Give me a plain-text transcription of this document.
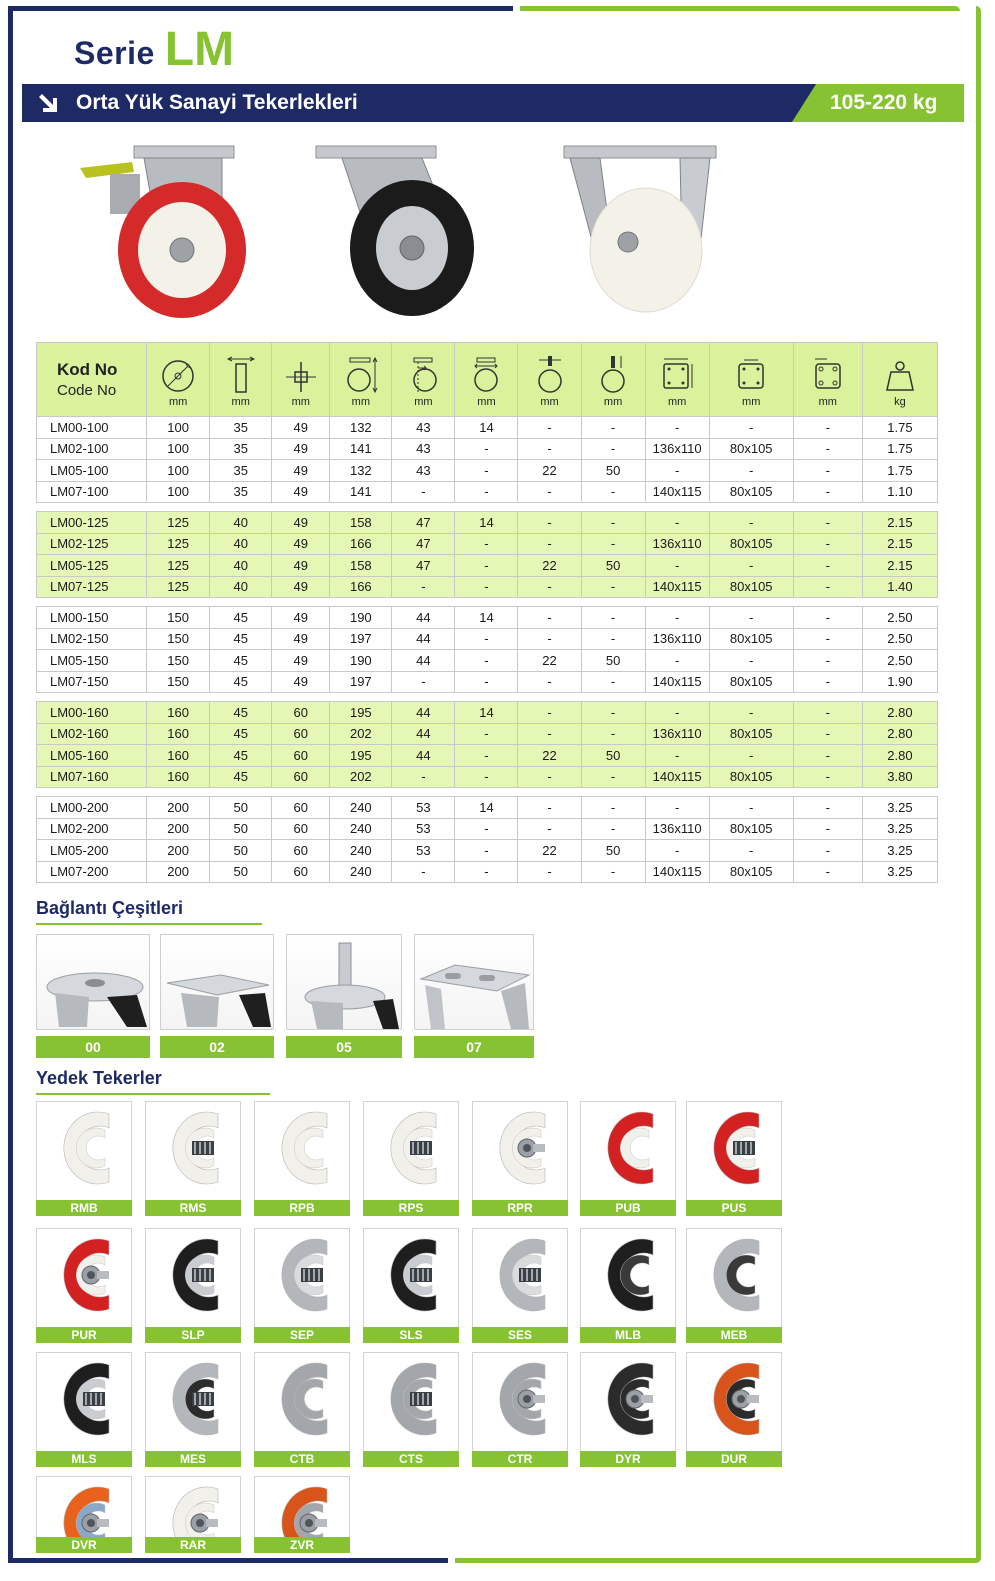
Serie LM
Orta Yük Sanayi Tekerlekleri	105-220 kg
Kod No
Code No	mm	mm	mm	mm	mm	mm	mm	mm	mm	mm	mm	kg
LM00-100	100	35	49	132	43	14	-	-	-	-	-	1.75
LM02-100	100	35	49	141	43	-	-	-	136x110	80x105	-	1.75
LM05-100	100	35	49	132	43	-	22	50	-	-	-	1.75
LM07-100	100	35	49	141	-	-	-	-	140x115	80x105	-	1.10

LM00-125	125	40	49	158	47	14	-	-	-	-	-	2.15
LM02-125	125	40	49	166	47	-	-	-	136x110	80x105	-	2.15
LM05-125	125	40	49	158	47	-	22	50	-	-	-	2.15
LM07-125	125	40	49	166	-	-	-	-	140x115	80x105	-	1.40

LM00-150	150	45	49	190	44	14	-	-	-	-	-	2.50
LM02-150	150	45	49	197	44	-	-	-	136x110	80x105	-	2.50
LM05-150	150	45	49	190	44	-	22	50	-	-	-	2.50
LM07-150	150	45	49	197	-	-	-	-	140x115	80x105	-	1.90

LM00-160	160	45	60	195	44	14	-	-	-	-	-	2.80
LM02-160	160	45	60	202	44	-	-	-	136x110	80x105	-	2.80
LM05-160	160	45	60	195	44	-	22	50	-	-	-	2.80
LM07-160	160	45	60	202	-	-	-	-	140x115	80x105	-	3.80

LM00-200	200	50	60	240	53	14	-	-	-	-	-	3.25
LM02-200	200	50	60	240	53	-	-	-	136x110	80x105	-	3.25
LM05-200	200	50	60	240	53	-	22	50	-	-	-	3.25
LM07-200	200	50	60	240	-	-	-	-	140x115	80x105	-	3.25
Bağlantı Çeşitleri
00	02	05	07
Yedek Tekerler
RMB	RMS	RPB	RPS	RPR	PUB	PUS
PUR	SLP	SEP	SLS	SES	MLB	MEB
MLS	MES	CTB	CTS	CTR	DYR	DUR
DVR	RAR	ZVR
